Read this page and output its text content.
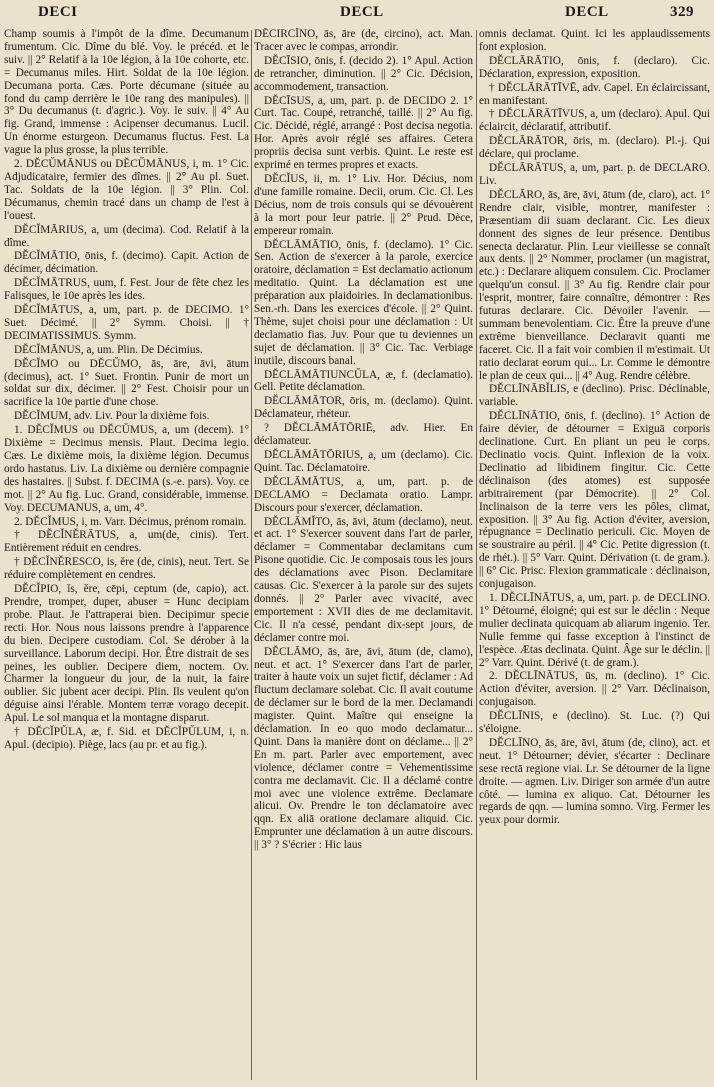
DECI	DECL	DECL	329

Champ soumis à l'impôt de la dîme. Decumanum frumentum. Cic. Dîme du blé. Voy. le précéd. et le suiv. || 2° Relatif à la 10e légion, à la 10e cohorte, etc. = Decumanus miles. Hirt. Soldat de la 10e légion. Decumana porta. Cæs. Porte décumane (située au fond du camp derrière le 10e rang des manipules). || 3° Du decumanus (t. d'agric.). Voy. le suiv. || 4° Au fig. Grand, immense : Acipenser decumanus. Lucil. Un énorme esturgeon. Decumanus fluctus. Fest. La vague la plus grosse, la plus terrible.

2. DĔCŬMĀNUS ou DĔCŬMĀNUS, i, m. 1° Cic. Adjudicataire, fermier des dîmes. || 2° Au pl. Suet. Tac. Soldats de la 10e légion. || 3° Plin. Col. Décumanus, chemin tracé dans un champ de l'est à l'ouest.

DĔCĬMĀRIUS, a, um (decima). Cod. Relatif à la dîme.

DĔCĬMĀTIO, ōnis, f. (decimo). Capit. Action de décimer, décimation.

DĔCĬMĀTRUS, uum, f. Fest. Jour de fête chez les Falisques, le 10e après les ides.

DĔCĬMĀTUS, a, um, part. p. de DECIMO. 1° Suet. Décimé. || 2° Symm. Choisi. || † DECIMATISSIMUS. Symm.

DĔCĬMĀNUS, a, um. Plin. De Décimius.

DĔCĬMO ou DĔCŬMO, ās, āre, āvi, ātum (decimus), act. 1° Suet. Frontin. Punir de mort un soldat sur dix, décimer. || 2° Fest. Choisir pour un sacrifice la 10e partie d'une chose.

DĔCĬMUM, adv. Liv. Pour la dixième fois.

1. DĔCĬMUS ou DĔCŬMUS, a, um (decem). 1° Dixième = Decimus mensis. Plaut. Decima legio. Cæs. Le dixième mois, la dixième légion. Decumus ordo hastatus. Liv. La dixième ou dernière compagnie des hastaires. || Subst. f. DECIMA (s.-e. pars). Voy. ce mot. || 2° Au fig. Luc. Grand, considérable, immense. Voy. DECUMANUS, a, um, 4°.

2. DĔCĬMUS, i, m. Varr. Décimus, prénom romain.

† DĔCĬNĔRĀTUS, a, um(de, cinis). Tert. Entièrement réduit en cendres.

† DĔCĬNĔRESCO, is, ĕre (de, cinis), neut. Tert. Se réduire complètement en cendres.

DĔCĬPIO, ĭs, ĕre, cēpi, ceptum (de, capio), act. Prendre, tromper, duper, abuser = Hunc decipiam probe. Plaut. Je l'attraperai bien. Decipimur specie recti. Hor. Nous nous laissons prendre à l'apparence du bien. Decipere custodiam. Col. Se dérober à la surveillance. Laborum decipi. Hor. Être distrait de ses peines, les oublier. Decipere diem, noctem. Ov. Charmer la longueur du jour, de la nuit, la faire oublier. Sic jubent acer decipi. Plin. Ils veulent qu'on déguise ainsi l'érable. Montem terræ vorago decepit. Apul. Le sol manqua et la montagne disparut.

† DĔCĬPŬLA, æ, f. Sid. et DĔCĬPŬLUM, i, n. Apul. (decipio). Piège, lacs (au pr. et au fig.).

DĔCIRCĬNO, ās, āre (de, circino), act. Man. Tracer avec le compas, arrondir.

DĔCĪSIO, ōnis, f. (decido 2). 1° Apul. Action de retrancher, diminution. || 2° Cic. Décision, accommodement, transaction.

DĔCĪSUS, a, um, part. p. de DECIDO 2. 1° Curt. Tac. Coupé, retranché, taillé. || 2° Au fig. Cic. Décidé, réglé, arrangé : Post decisa negotia. Hor. Après avoir réglé ses affaires. Cetera propriis decisa sunt verbis. Quint. Le reste est exprimé en termes propres et exacts.

DĔCĬUS, ii, m. 1° Liv. Hor. Décius, nom d'une famille romaine. Decii, orum. Cic. Cl. Les Décius, nom de trois consuls qui se dévouèrent à la mort pour leur patrie. || 2° Prud. Dèce, empereur romain.

DĔCLĀMĀTIO, ōnis, f. (declamo). 1° Cic. Sen. Action de s'exercer à la parole, exercice oratoire, déclamation = Est declamatio actionum meditatio. Quint. La déclamation est une préparation aux plaidoiries. In declamationibus. Sen.-rh. Dans les exercices d'école. || 2° Quint. Thème, sujet choisi pour une déclamation : Ut declamatio fias. Juv. Pour que tu deviennes un sujet de déclamation. || 3° Cic. Tac. Verbiage inutile, discours banal.

DĔCLĀMĀTIUNCŬLA, æ, f. (declamatio). Gell. Petite déclamation.

DĔCLĀMĀTOR, ōris, m. (declamo). Quint. Déclamateur, rhéteur.

? DĔCLĀMĀTŌRIĒ, adv. Hier. En déclamateur.

DĔCLĀMĀTŌRIUS, a, um (declamo). Cic. Quint. Tac. Déclamatoire.

DĔCLĀMĀTUS, a, um, part. p. de DECLAMO = Declamata oratio. Lampr. Discours pour s'exercer, déclamation.

DĔCLĀMĬTO, ās, āvi, ātum (declamo), neut. et act. 1° S'exercer souvent dans l'art de parler, déclamer = Commentabar declamitans cum Pisone quotidie. Cic. Je composais tous les jours des déclamations avec Pison. Declamitare causas. Cic. S'exercer à la parole sur des sujets donnés. || 2° Parler avec vivacité, avec emportement : XVII dies de me declamitavit. Cic. Il n'a cessé, pendant dix-sept jours, de déclamer contre moi.

DĔCLĀMO, ās, āre, āvi, ātum (de, clamo), neut. et act. 1° S'exercer dans l'art de parler, traiter à haute voix un sujet fictif, déclamer : Ad fluctum declamare solebat. Cic. Il avait coutume de déclamer sur le bord de la mer. Declamandi magister. Quint. Maître qui enseigne la déclamation. In eo quo modo declamatur... Quint. Dans la manière dont on déclame... || 2° En m. part. Parler avec emportement, avec violence, déclamer contre = Vehementissime contra me declamavit. Cic. Il a déclamé contre moi avec une violence extrême. Declamare alicui. Ov. Prendre le ton déclamatoire avec qqn. Ex aliā oratione declamare aliquid. Cic. Emprunter une déclamation à un autre discours. || 3° ? S'écrier : Hic laus

omnis declamat. Quint. Ici les applaudissements font explosion.

DĔCLĀRĀTIO, ōnis, f. (declaro). Cic. Déclaration, expression, exposition.

† DĔCLĀRĀTĪVĒ, adv. Capel. En éclaircissant, en manifestant.

† DĔCLĀRĀTĪVUS, a, um (declaro). Apul. Qui éclaircit, déclaratif, attributif.

DĔCLĀRĀTOR, ōris, m. (declaro). Pl.-j. Qui déclare, qui proclame.

DĔCLĀRĀTUS, a, um, part. p. de DECLARO. Liv.

DĔCLĀRO, ās, āre, āvi, ātum (de, claro), act. 1° Rendre clair, visible, montrer, manifester : Præsentiam dii suam declarant. Cic. Les dieux donnent des signes de leur présence. Dentibus senecta declaratur. Plin. Leur vieillesse se connaît aux dents. || 2° Nommer, proclamer (un magistrat, etc.) : Declarare aliquem consulem. Cic. Proclamer quelqu'un consul. || 3° Au fig. Rendre clair pour l'esprit, montrer, faire connaître, démontrer : Res futuras declarare. Cic. Dévoiler l'avenir. — summam benevolentiam. Cic. Être la preuve d'une extrême bienveillance. Declaravit quanti me faceret. Cic. Il a fait voir combien il m'estimait. Ut ratio declarat eorum qui... Lr. Comme le démontre le plan de ceux qui... || 4° Aug. Rendre célèbre.

DĔCLĪNĀBĬLIS, e (declino). Prisc. Déclinable, variable.

DĔCLĪNĀTIO, ōnis, f. (declino). 1° Action de faire dévier, de détourner = Exiguā corporis declinatione. Curt. En pliant un peu le corps. Declinatio vocis. Quint. Inflexion de la voix. Declinatio ad libidinem fingitur. Cic. Cette déclinaison (des atomes) est supposée arbitrairement (par Démocrite). || 2° Col. Inclinaison de la terre vers les pôles, climat, exposition. || 3° Au fig. Action d'éviter, aversion, répugnance = Declinatio periculi. Cic. Moyen de se soustraire au péril. || 4° Cic. Petite digression (t. de rhét.). || 5° Varr. Quint. Dérivation (t. de gram.). || 6° Cic. Prisc. Flexion grammaticale : déclinaison, conjugaison.

1. DĔCLĪNĀTUS, a, um, part. p. de DECLINO. 1° Détourné, éloigné; qui est sur le déclin : Neque mulier declinata quicquam ab aliarum ingenio. Ter. Nulle femme qui fasse exception à l'instinct de l'espèce. Ætas declinata. Quint. Âge sur le déclin. || 2° Varr. Quint. Dérivé (t. de gram.).

2. DĔCLĪNĀTUS, ūs, m. (declino). 1° Cic. Action d'éviter, aversion. || 2° Varr. Déclinaison, conjugaison.

DĔCLĪNIS, e (declino). St. Luc. (?) Qui s'éloigne.

DĔCLĪNO, ās, āre, āvi, ātum (de, clino), act. et neut. 1° Détourner; dévier, s'écarter : Declinare sese rectā regione viai. Lr. Se détourner de la ligne droite. — agmen. Liv. Diriger son armée d'un autre côté. — lumina ex aliquo. Cat. Détourner les regards de qqn. — lumina somno. Virg. Fermer les yeux pour dormir.
